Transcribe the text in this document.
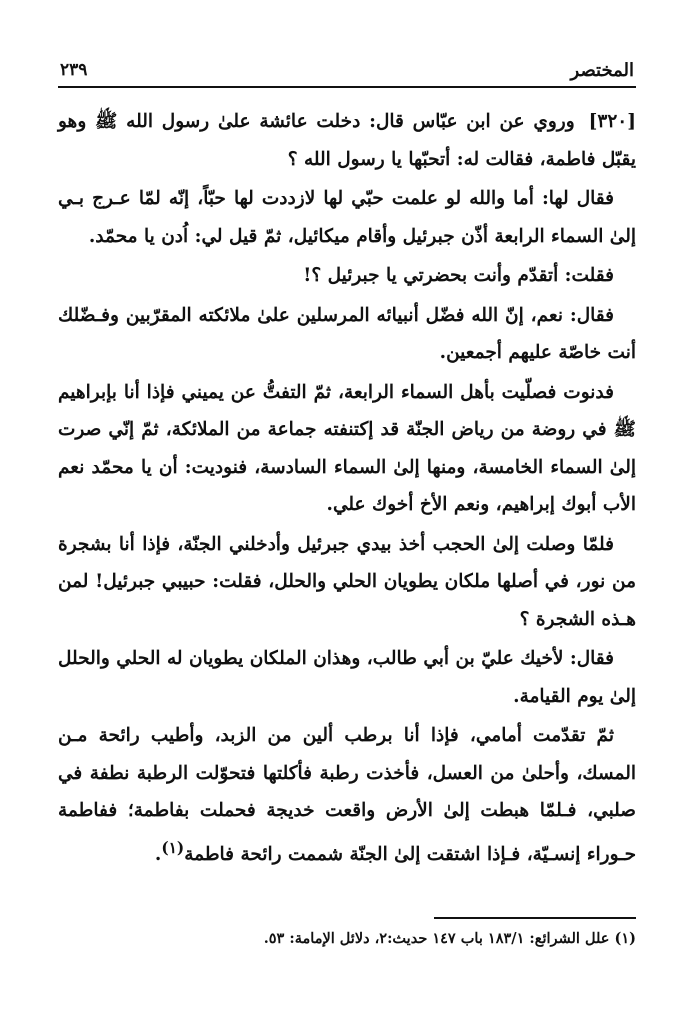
المختصر
٢٣٩

[٣٢٠]وروي عن ابن عبّاس قال: دخلت عائشة علىٰ رسول الله ﷺ وهو يقبّل فاطمة، فقالت له: أتحبّها يا رسول الله ؟

فقال لها: أما والله لو علمت حبّي لها لازددت لها حبّاً، إنّه لمّا عـرج بـي إلىٰ السماء الرابعة أذّن جبرئيل وأقام ميكائيل، ثمّ قيل لي: اُدن يا محمّد.

فقلت: أتقدّم وأنت بحضرتي يا جبرئيل ؟!

فقال: نعم، إنّ الله فضّل أنبيائه المرسلين علىٰ ملائكته المقرّبين وفـضّلك أنت خاصّة عليهم أجمعين.

فدنوت فصلّيت بأهل السماء الرابعة، ثمّ التفتُّ عن يميني فإذا أنا بإبراهيم ﷺ في روضة من رياض الجنّة قد إكتنفته جماعة من الملائكة، ثمّ إنّي صرت إلىٰ السماء الخامسة، ومنها إلىٰ السماء السادسة، فنوديت: أن يا محمّد نعم الأب أبوك إبراهيم، ونعم الأخ أخوك علي.

فلمّا وصلت إلىٰ الحجب أخذ بيدي جبرئيل وأدخلني الجنّة، فإذا أنا بشجرة من نور، في أصلها ملكان يطويان الحلي والحلل، فقلت: حبيبي جبرئيل! لمن هـذه الشجرة ؟

فقال: لأخيك عليّ بن أبي طالب، وهذان الملكان يطويان له الحلي والحلل إلىٰ يوم القيامة.

ثمّ تقدّمت أمامي، فإذا أنا برطب ألين من الزبد، وأطيب رائحة مـن المسك، وأحلىٰ من العسل، فأخذت رطبة فأكلتها فتحوّلت الرطبة نطفة في صلبي، فـلمّا هبطت إلىٰ الأرض واقعت خديجة فحملت بفاطمة؛ ففاطمة حـوراء إنسـيّة، فـإذا اشتقت إلىٰ الجنّة شممت رائحة فاطمة$^{(١)}$.

(١) علل الشرائع: ١٨٣/١ باب ١٤٧ حديث:٢، دلائل الإمامة: ٥٣.
